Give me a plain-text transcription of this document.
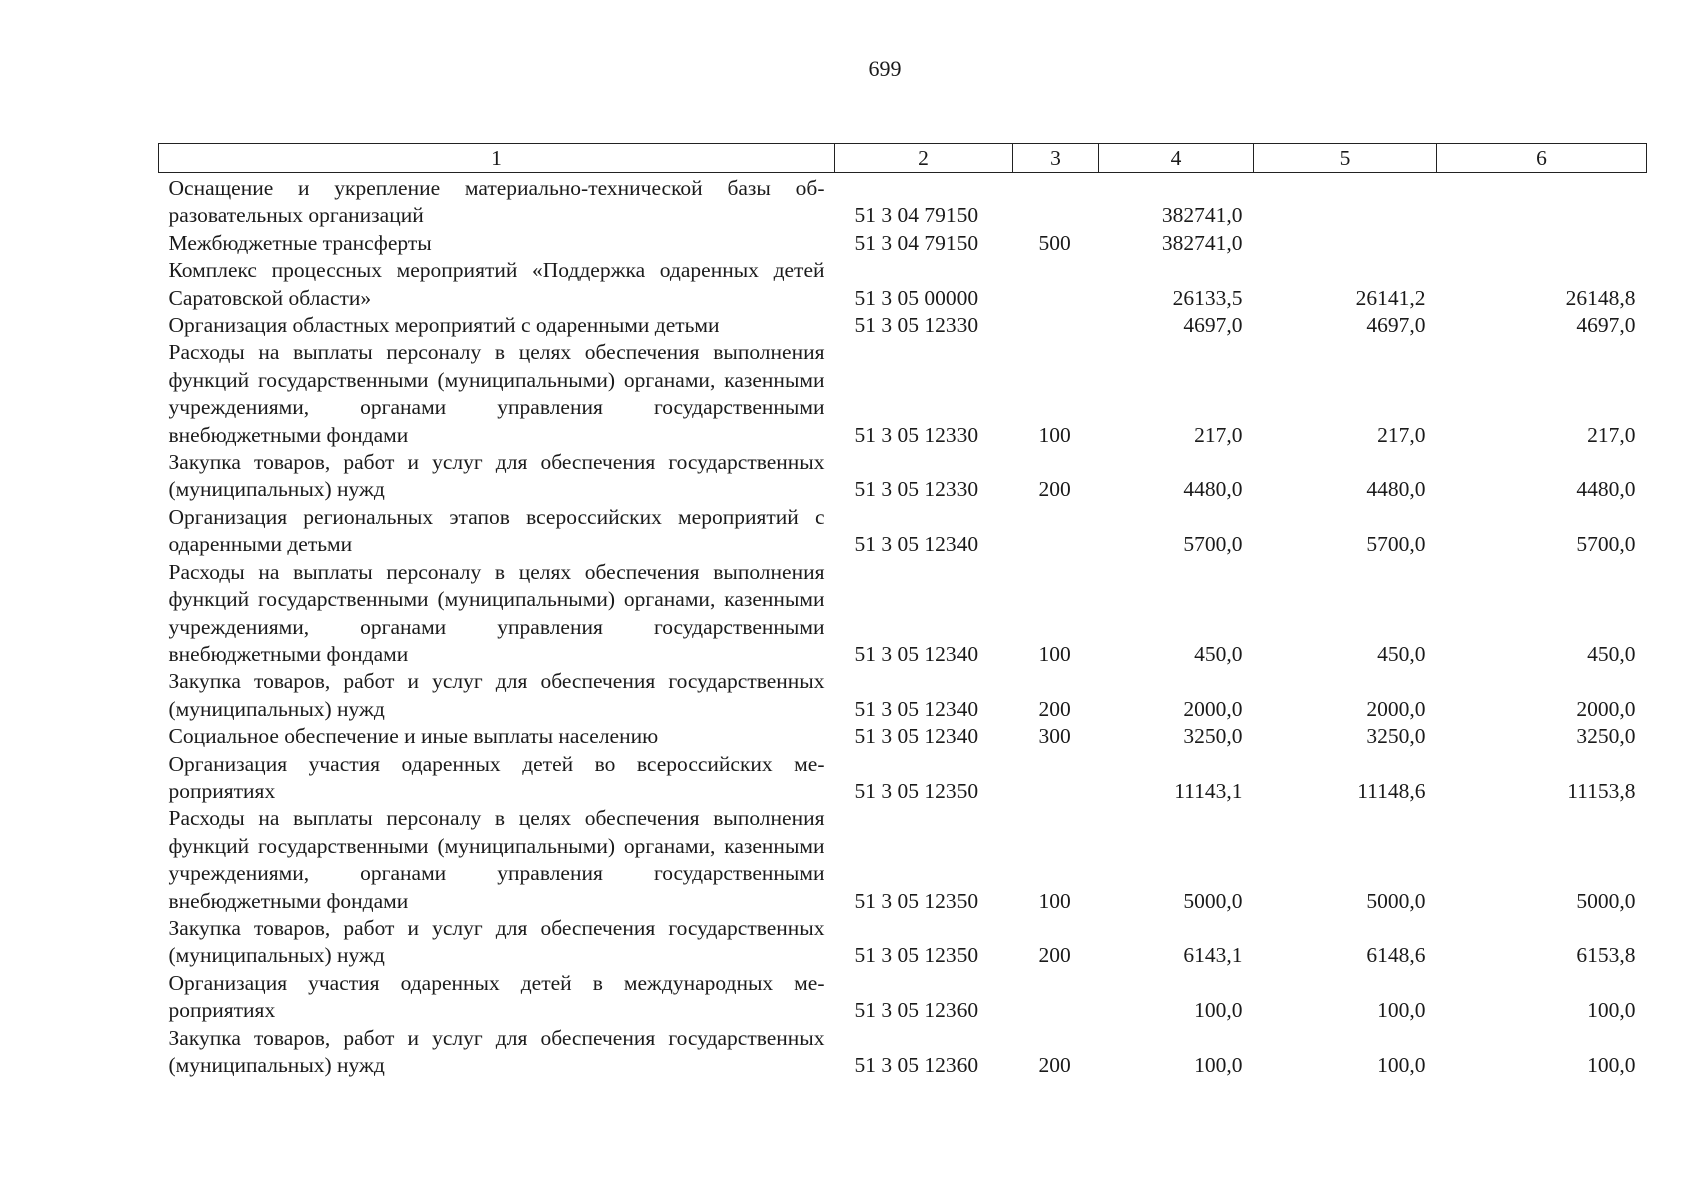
699
1	2	3	4	5	6
Оснащение и укрепление материально-технической базы образовательных организаций	51 3 04 79150		382741,0		
Межбюджетные трансферты	51 3 04 79150	500	382741,0		
Комплекс процессных мероприятий «Поддержка одаренных детей Саратовской области»	51 3 05 00000		26133,5	26141,2	26148,8
Организация областных мероприятий с одаренными детьми	51 3 05 12330		4697,0	4697,0	4697,0
Расходы на выплаты персоналу в целях обеспечения выполнения функций государственными (муниципальными) органами, казенными учреждениями, органами управления государственными внебюджетными фондами	51 3 05 12330	100	217,0	217,0	217,0
Закупка товаров, работ и услуг для обеспечения государственных (муниципальных) нужд	51 3 05 12330	200	4480,0	4480,0	4480,0
Организация региональных этапов всероссийских мероприятий с одаренными детьми	51 3 05 12340		5700,0	5700,0	5700,0
Расходы на выплаты персоналу в целях обеспечения выполнения функций государственными (муниципальными) органами, казенными учреждениями, органами управления государственными внебюджетными фондами	51 3 05 12340	100	450,0	450,0	450,0
Закупка товаров, работ и услуг для обеспечения государственных (муниципальных) нужд	51 3 05 12340	200	2000,0	2000,0	2000,0
Социальное обеспечение и иные выплаты населению	51 3 05 12340	300	3250,0	3250,0	3250,0
Организация участия одаренных детей во всероссийских мероприятиях	51 3 05 12350		11143,1	11148,6	11153,8
Расходы на выплаты персоналу в целях обеспечения выполнения функций государственными (муниципальными) органами, казенными учреждениями, органами управления государственными внебюджетными фондами	51 3 05 12350	100	5000,0	5000,0	5000,0
Закупка товаров, работ и услуг для обеспечения государственных (муниципальных) нужд	51 3 05 12350	200	6143,1	6148,6	6153,8
Организация участия одаренных детей в международных мероприятиях	51 3 05 12360		100,0	100,0	100,0
Закупка товаров, работ и услуг для обеспечения государственных (муниципальных) нужд	51 3 05 12360	200	100,0	100,0	100,0
